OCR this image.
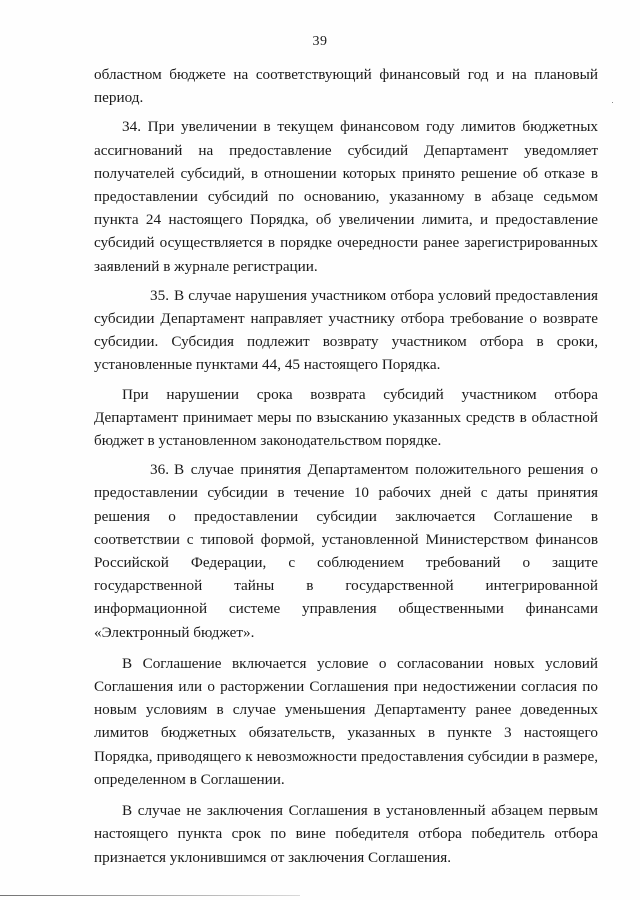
39

областном бюджете на соответствующий финансовый год и на плановый период.

34. При увеличении в текущем финансовом году лимитов бюджетных ассигнований на предоставление субсидий Департамент уведомляет получателей субсидий, в отношении которых принято решение об отказе в предоставлении субсидий по основанию, указанному в абзаце седьмом пункта 24 настоящего Порядка, об увеличении лимита, и предоставление субсидий осуществляется в порядке очередности ранее зарегистрированных заявлений в журнале регистрации.

35. В случае нарушения участником отбора условий предоставления субсидии Департамент направляет участнику отбора требование о возврате субсидии. Субсидия подлежит возврату участником отбора в сроки, установленные пунктами 44, 45 настоящего Порядка.

При нарушении срока возврата субсидий участником отбора Департамент принимает меры по взысканию указанных средств в областной бюджет в установленном законодательством порядке.

36. В случае принятия Департаментом положительного решения о предоставлении субсидии в течение 10 рабочих дней с даты принятия решения о предоставлении субсидии заключается Соглашение в соответствии с типовой формой, установленной Министерством финансов Российской Федерации, с соблюдением требований о защите государственной тайны в государственной интегрированной информационной системе управления общественными финансами «Электронный бюджет».

В Соглашение включается условие о согласовании новых условий Соглашения или о расторжении Соглашения при недостижении согласия по новым условиям в случае уменьшения Департаменту ранее доведенных лимитов бюджетных обязательств, указанных в пункте 3 настоящего Порядка, приводящего к невозможности предоставления субсидии в размере, определенном в Соглашении.

В случае не заключения Соглашения в установленный абзацем первым настоящего пункта срок по вине победителя отбора победитель отбора признается уклонившимся от заключения Соглашения.
